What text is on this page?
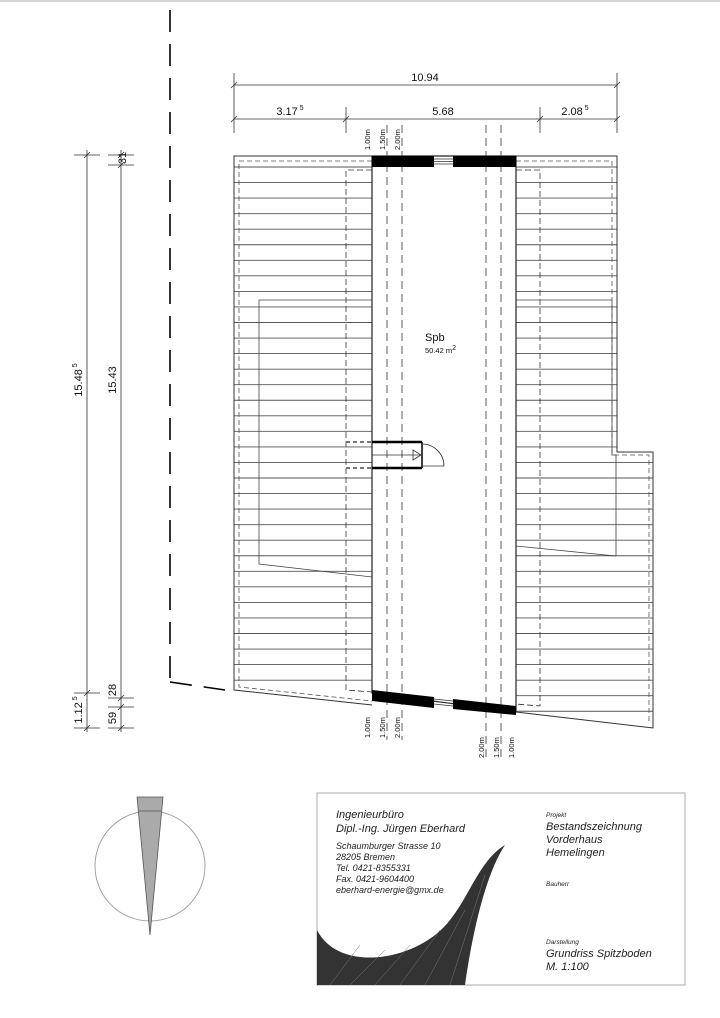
Spb
50.42 m2
10.94
3.17 $^5$	5.68	2.08 $^5$
15.48$^5$
1.12$^5$
31
15.43
28
59
1.00m 1.50m 2.00m
1.00m 1.50m 2.00m
2.00m 1.50m 1.00m
Ingenieurbüro
Dipl.-Ing. Jürgen Eberhard
Schaumburger Strasse 10
28205 Bremen
Tel. 0421-8355331
Fax. 0421-9604400
eberhard-energie@gmx.de
Projekt
Bestandszeichnung
Vorderhaus
Hemelingen
Bauherr
Darstellung
Grundriss Spitzboden
M. 1:100
